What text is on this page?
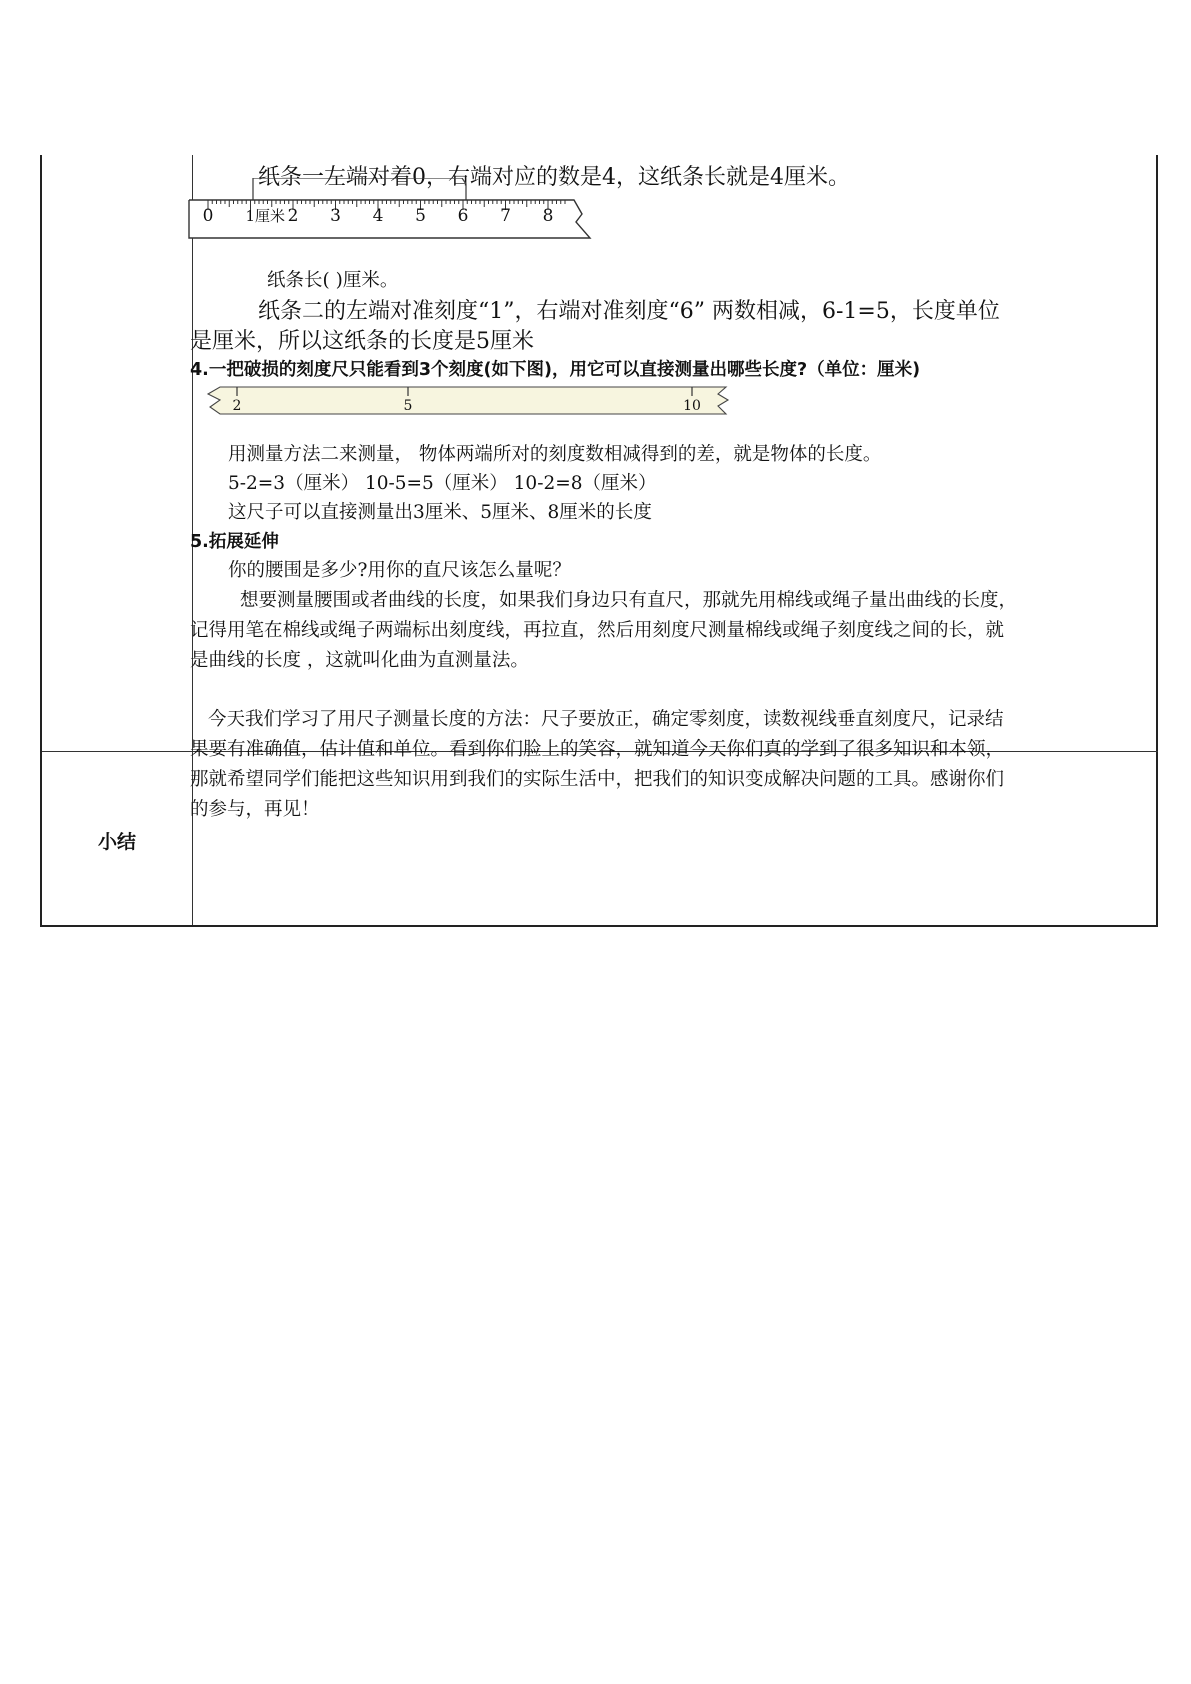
小结
纸条一左端对着0，右端对应的数是4，这纸条长就是4厘米。
0 1厘米 2 3 4 5 6 7 8
纸条长( )厘米。
纸条二的左端对准刻度“1”，右端对准刻度“6” 两数相减，6-1=5，长度单位
是厘米，所以这纸条的长度是5厘米
4.一把破损的刻度尺只能看到3个刻度(如下图)，用它可以直接测量出哪些长度?（单位：厘米)
2	5	10
用测量方法二来测量， 物体两端所对的刻度数相减得到的差，就是物体的长度。
5-2=3（厘米） 10-5=5（厘米） 10-2=8（厘米）
这尺子可以直接测量出3厘米、5厘米、8厘米的长度
5.拓展延伸
你的腰围是多少?用你的直尺该怎么量呢？
想要测量腰围或者曲线的长度，如果我们身边只有直尺，那就先用棉线或绳子量出曲线的长度，
记得用笔在棉线或绳子两端标出刻度线，再拉直，然后用刻度尺测量棉线或绳子刻度线之间的长，就
是曲线的长度 ，这就叫化曲为直测量法。
今天我们学习了用尺子测量长度的方法：尺子要放正，确定零刻度，读数视线垂直刻度尺，记录结
果要有准确值，估计值和单位。看到你们脸上的笑容，就知道今天你们真的学到了很多知识和本领，
那就希望同学们能把这些知识用到我们的实际生活中，把我们的知识变成解决问题的工具。感谢你们
的参与，再见！
